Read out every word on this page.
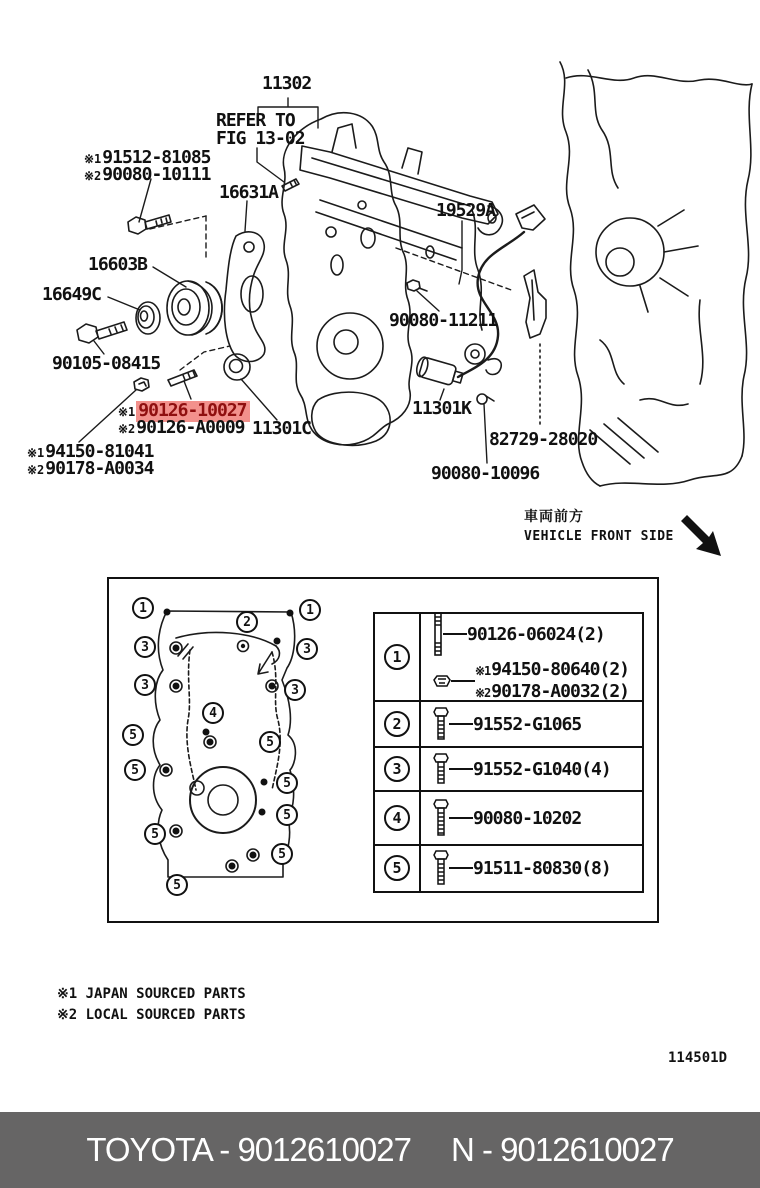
11302
REFER TO
FIG 13-02
※1 91512-81085
※2 90080-10111
16631A
16603B
16649C
90105-08415
※1 90126-10027
※2 90126-A0009 11301C
※1 94150-81041
※2 90178-A0034
19529A
90080-11211
11301K
82729-28020
90080-10096
1	1
2
3	3
3	3
4
5	5
5
5
5
5
5
5
車両前方
VEHICLE FRONT SIDE
1
90126-06024(2)
※194150-80640(2)
※290178-A0032(2)
2	91552-G1065
3	91552-G1040(4)
4	90080-10202
5	91511-80830(8)
※1 JAPAN SOURCED PARTS
※2 LOCAL SOURCED PARTS
114501D
TOYOTA - 9012610027 N - 9012610027
